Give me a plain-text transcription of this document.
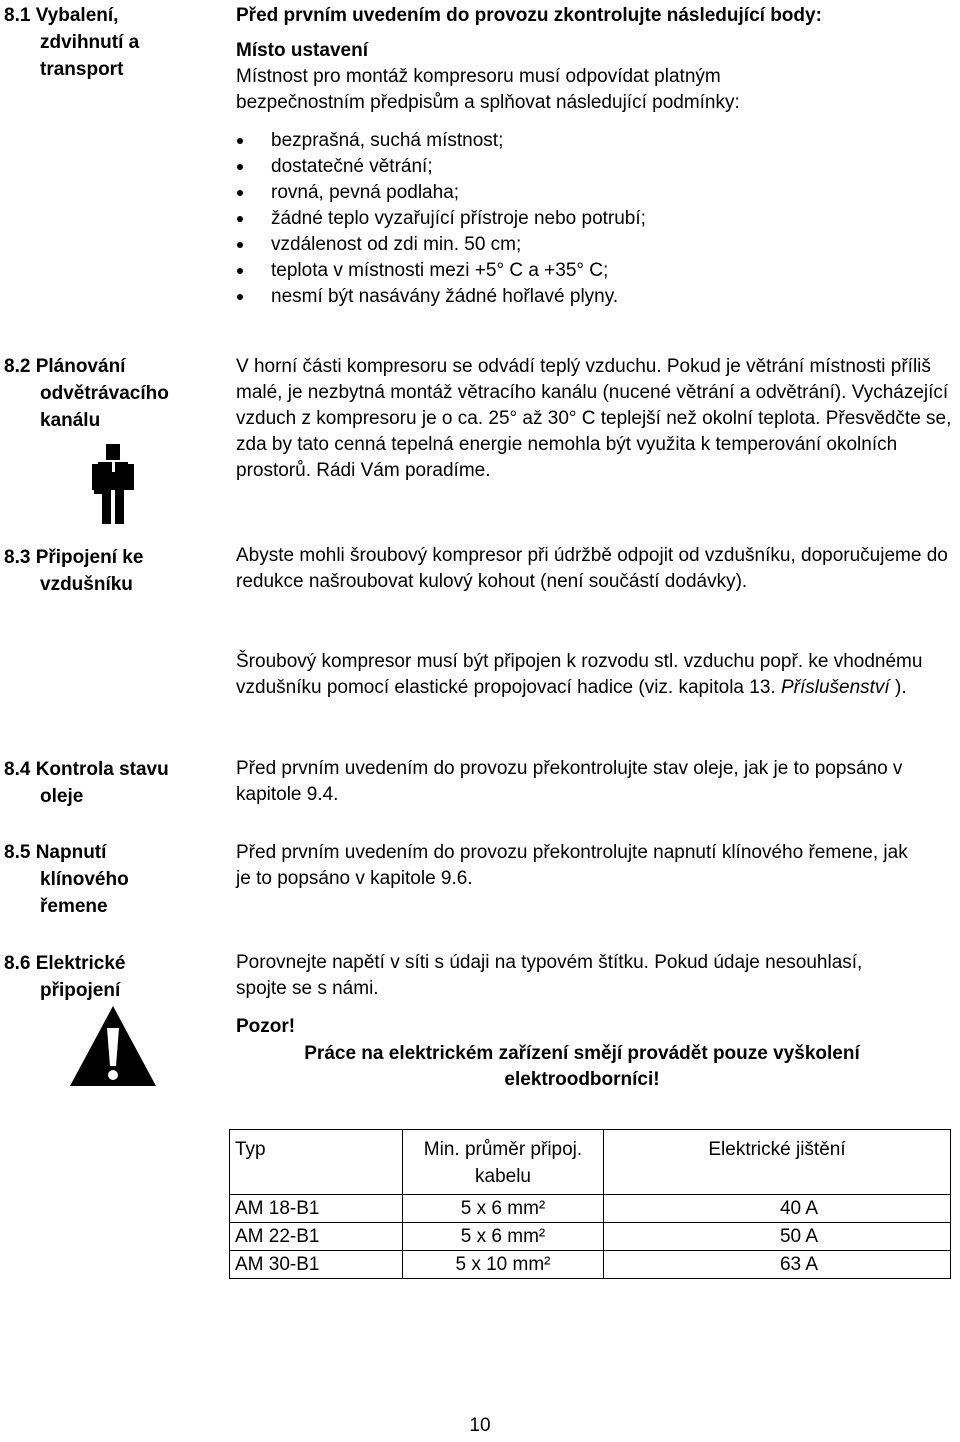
8.1 Vybalení,
zdvihnutí a
transport
Před prvním uvedením do provozu zkontrolujte následující body:
Místo ustavení
Místnost pro montáž kompresoru musí odpovídat platným bezpečnostním předpisům a splňovat následující podmínky:
bezprašná, suchá místnost;
dostatečné větrání;
rovná, pevná podlaha;
žádné teplo vyzařující přístroje nebo potrubí;
vzdálenost od zdi min. 50 cm;
teplota v místnosti mezi +5° C a +35° C;
nesmí být nasávány žádné hořlavé plyny.
8.2 Plánování
odvětrávacího
kanálu
V horní části kompresoru se odvádí teplý vzduchu. Pokud je větrání místnosti příliš malé, je nezbytná montáž větracího kanálu (nucené větrání a odvětrání). Vycházející vzduch z kompresoru je o ca. 25° až 30° C teplejší než okolní teplota. Přesvědčte se, zda by tato cenná tepelná energie nemohla být využita k temperování okolních prostorů. Rádi Vám poradíme.
8.3 Připojení ke
vzdušníku
Abyste mohli šroubový kompresor při údržbě odpojit od vzdušníku, doporučujeme do redukce našroubovat kulový kohout (není součástí dodávky).
Šroubový kompresor musí být připojen k rozvodu stl. vzduchu popř. ke vhodnému vzdušníku pomocí elastické propojovací hadice (viz. kapitola 13. Příslušenství ).
8.4 Kontrola stavu
oleje
Před prvním uvedením do provozu překontrolujte stav oleje, jak je to popsáno v kapitole 9.4.
8.5 Napnutí
klínového
řemene
Před prvním uvedením do provozu překontrolujte napnutí klínového řemene, jak je to popsáno v kapitole 9.6.
8.6 Elektrické
připojení
Porovnejte napětí v síti s údaji na typovém štítku. Pokud údaje nesouhlasí, spojte se s námi.
Pozor!
Práce na elektrickém zařízení smějí provádět pouze vyškolení elektroodborníci!
Typ	Min. průměr připoj. kabelu	Elektrické jištění
AM 18-B1	5 x 6 mm²	40 A
AM 22-B1	5 x 6 mm²	50 A
AM 30-B1	5 x 10 mm²	63 A
10
